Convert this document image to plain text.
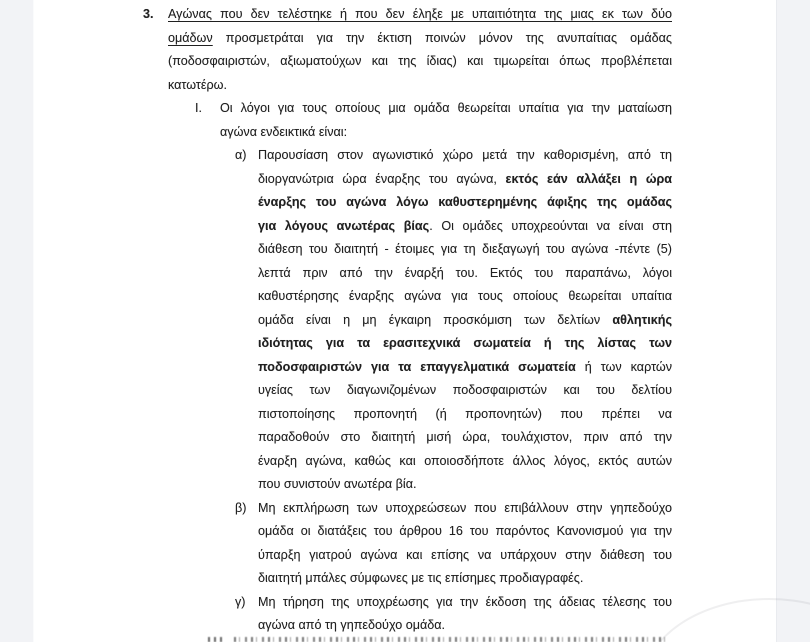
3.	Αγώνας που δεν τελέστηκε ή που δεν έληξε με υπαιτιότητα της μιας εκ των δύο
ομάδων προσμετράται για την έκτιση ποινών μόνον της ανυπαίτιας ομάδας
(ποδοσφαιριστών, αξιωματούχων και της ίδιας) και τιμωρείται όπως προβλέπεται
κατωτέρω.
I.	Οι λόγοι για τους οποίους μια ομάδα θεωρείται υπαίτια για την ματαίωση
αγώνα ενδεικτικά είναι:
α) Παρουσίαση στον αγωνιστικό χώρο μετά την καθορισμένη, από τη
διοργανώτρια ώρα έναρξης του αγώνα, εκτός εάν αλλάξει η ώρα
έναρξης του αγώνα λόγω καθυστερημένης άφιξης της ομάδας
για λόγους ανωτέρας βίας. Οι ομάδες υποχρεούνται να είναι στη
διάθεση του διαιτητή - έτοιμες για τη διεξαγωγή του αγώνα -πέντε (5)
λεπτά πριν από την έναρξή του. Εκτός του παραπάνω, λόγοι
καθυστέρησης έναρξης αγώνα για τους οποίους θεωρείται υπαίτια
ομάδα είναι η μη έγκαιρη προσκόμιση των δελτίων αθλητικής
ιδιότητας για τα ερασιτεχνικά σωματεία ή της λίστας των
ποδοσφαιριστών για τα επαγγελματικά σωματεία ή των καρτών
υγείας των διαγωνιζομένων ποδοσφαιριστών και του δελτίου
πιστοποίησης προπονητή (ή προπονητών) που πρέπει να
παραδοθούν στο διαιτητή μισή ώρα, τουλάχιστον, πριν από την
έναρξη αγώνα, καθώς και οποιοσδήποτε άλλος λόγος, εκτός αυτών
που συνιστούν ανωτέρα βία.
β) Μη εκπλήρωση των υποχρεώσεων που επιβάλλουν στην γηπεδούχο
ομάδα οι διατάξεις του άρθρου 16 του παρόντος Κανονισμού για την
ύπαρξη γιατρού αγώνα και επίσης να υπάρχουν στην διάθεση του
διαιτητή μπάλες σύμφωνες με τις επίσημες προδιαγραφές.
γ) Μη τήρηση της υποχρέωσης για την έκδοση της άδειας τέλεσης του
αγώνα από τη γηπεδούχο ομάδα.
